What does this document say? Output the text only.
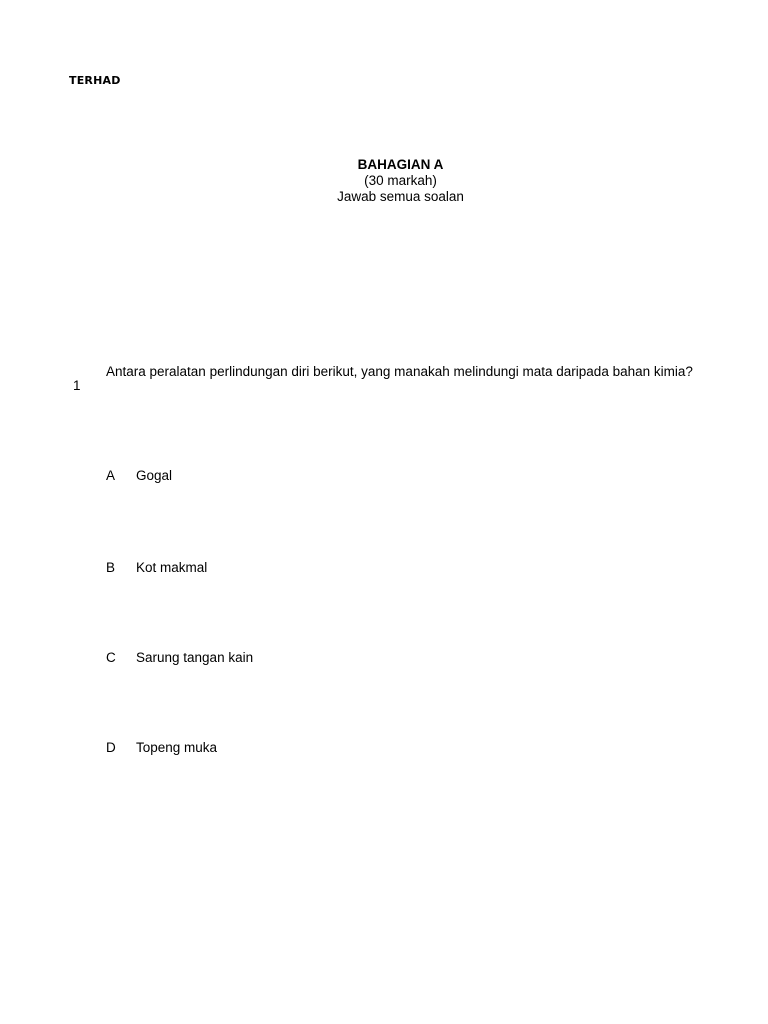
TERHAD
BAHAGIAN A
(30 markah)
Jawab semua soalan
1
Antara peralatan perlindungan diri berikut, yang manakah melindungi mata daripada bahan kimia?
A Gogal
B Kot makmal
C Sarung tangan kain
D Topeng muka
